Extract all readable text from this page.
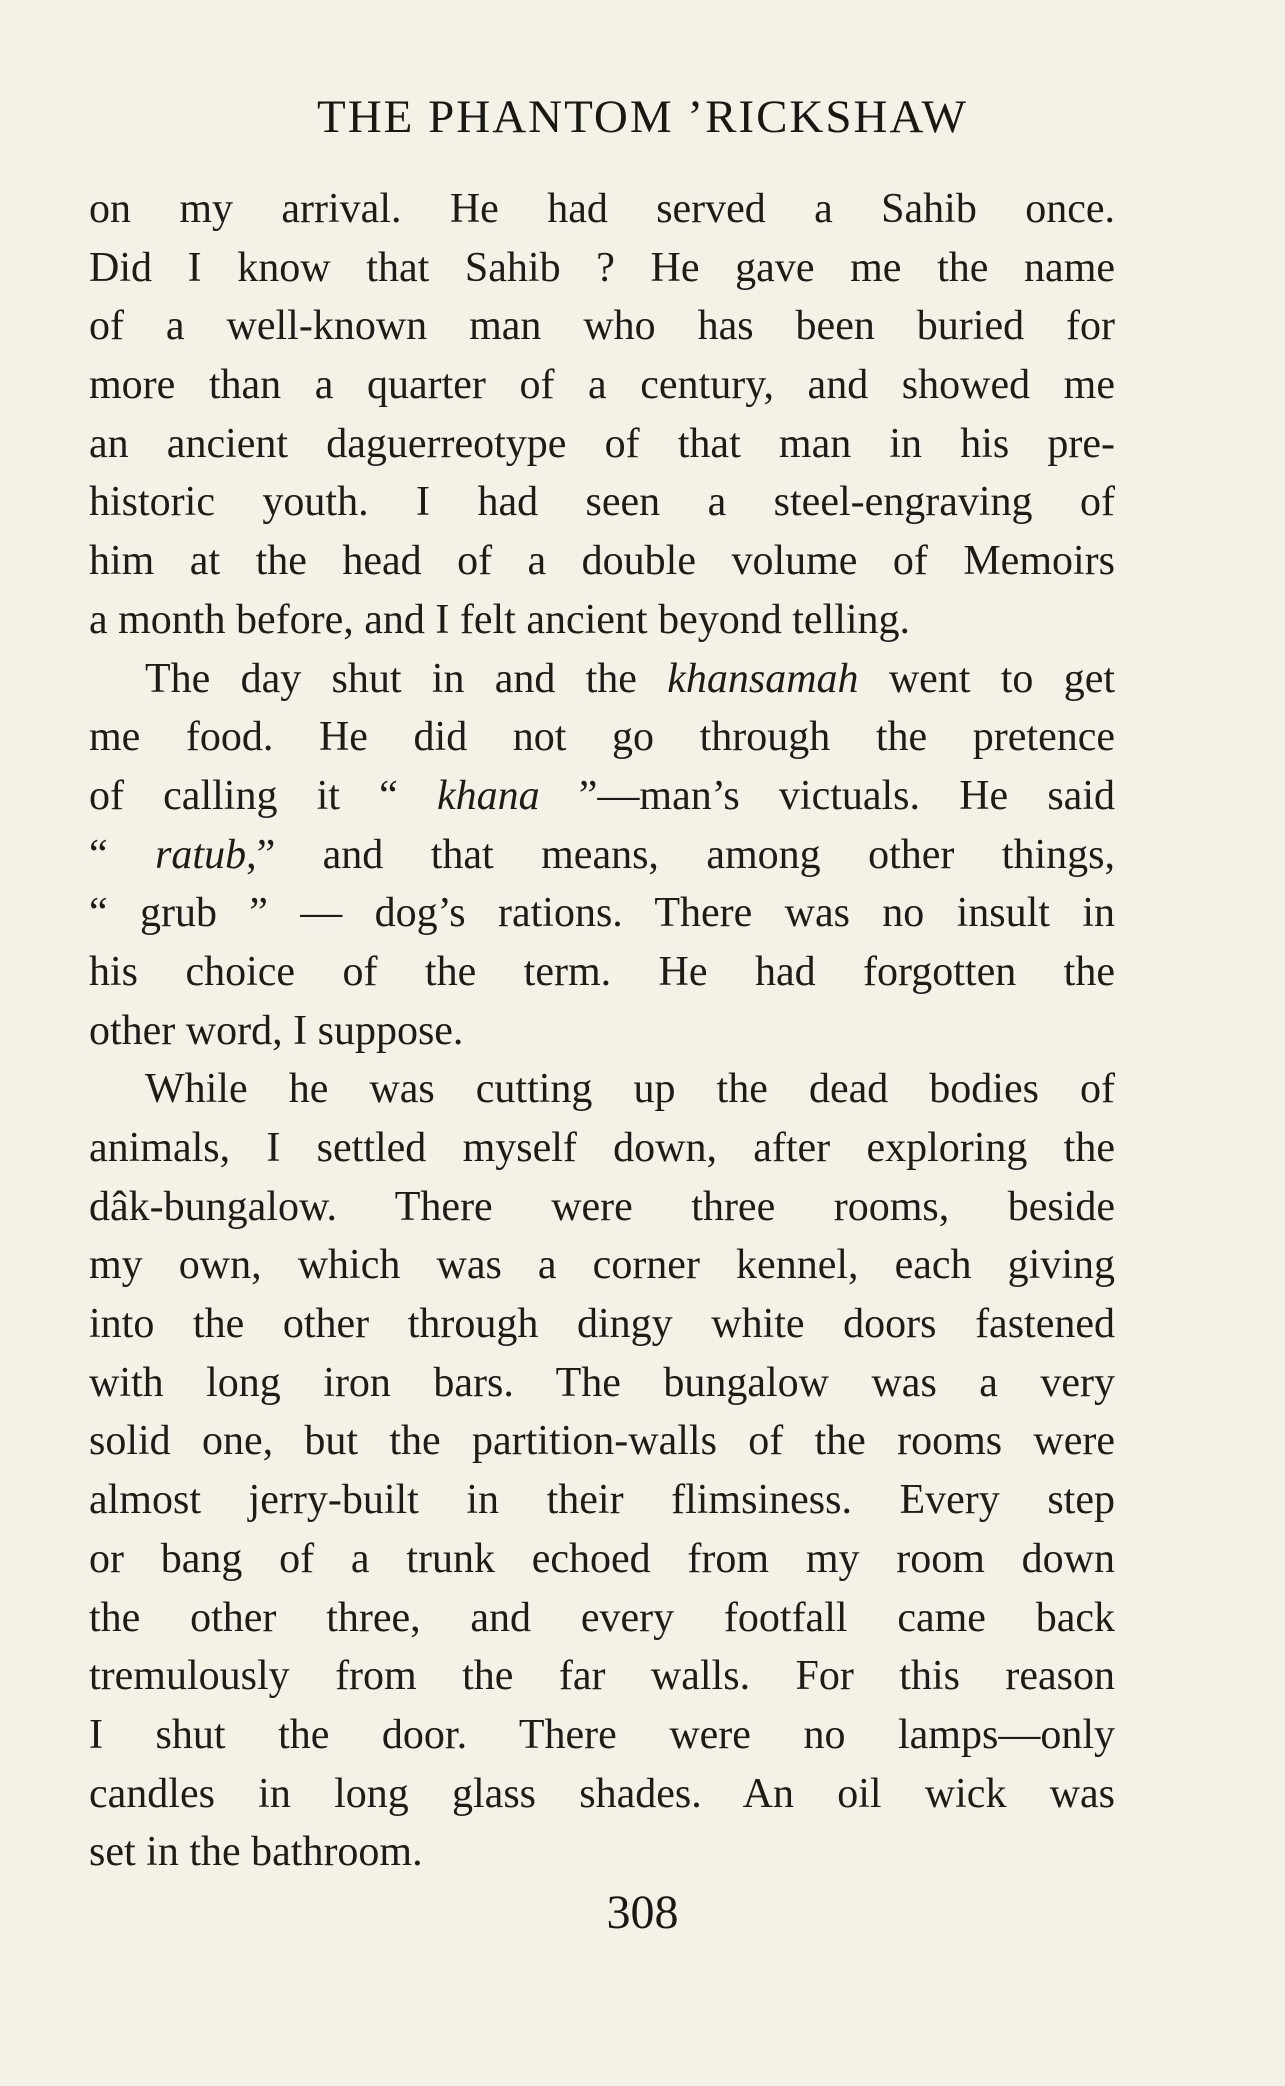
THE PHANTOM ’RICKSHAW
on my arrival. He had served a Sahib once.
Did I know that Sahib ? He gave me the name
of a well-known man who has been buried for
more than a quarter of a century, and showed me
an ancient daguerreotype of that man in his pre-
historic youth. I had seen a steel-engraving of
him at the head of a double volume of Memoirs
a month before, and I felt ancient beyond telling.
The day shut in and the khansamah went to get
me food. He did not go through the pretence
of calling it “ khana ”—man’s victuals. He said
“ ratub,” and that means, among other things,
“ grub ” — dog’s rations. There was no insult in
his choice of the term. He had forgotten the
other word, I suppose.
While he was cutting up the dead bodies of
animals, I settled myself down, after exploring the
dâk-bungalow. There were three rooms, beside
my own, which was a corner kennel, each giving
into the other through dingy white doors fastened
with long iron bars. The bungalow was a very
solid one, but the partition-walls of the rooms were
almost jerry-built in their flimsiness. Every step
or bang of a trunk echoed from my room down
the other three, and every footfall came back
tremulously from the far walls. For this reason
I shut the door. There were no lamps—only
candles in long glass shades. An oil wick was
set in the bathroom.
308
